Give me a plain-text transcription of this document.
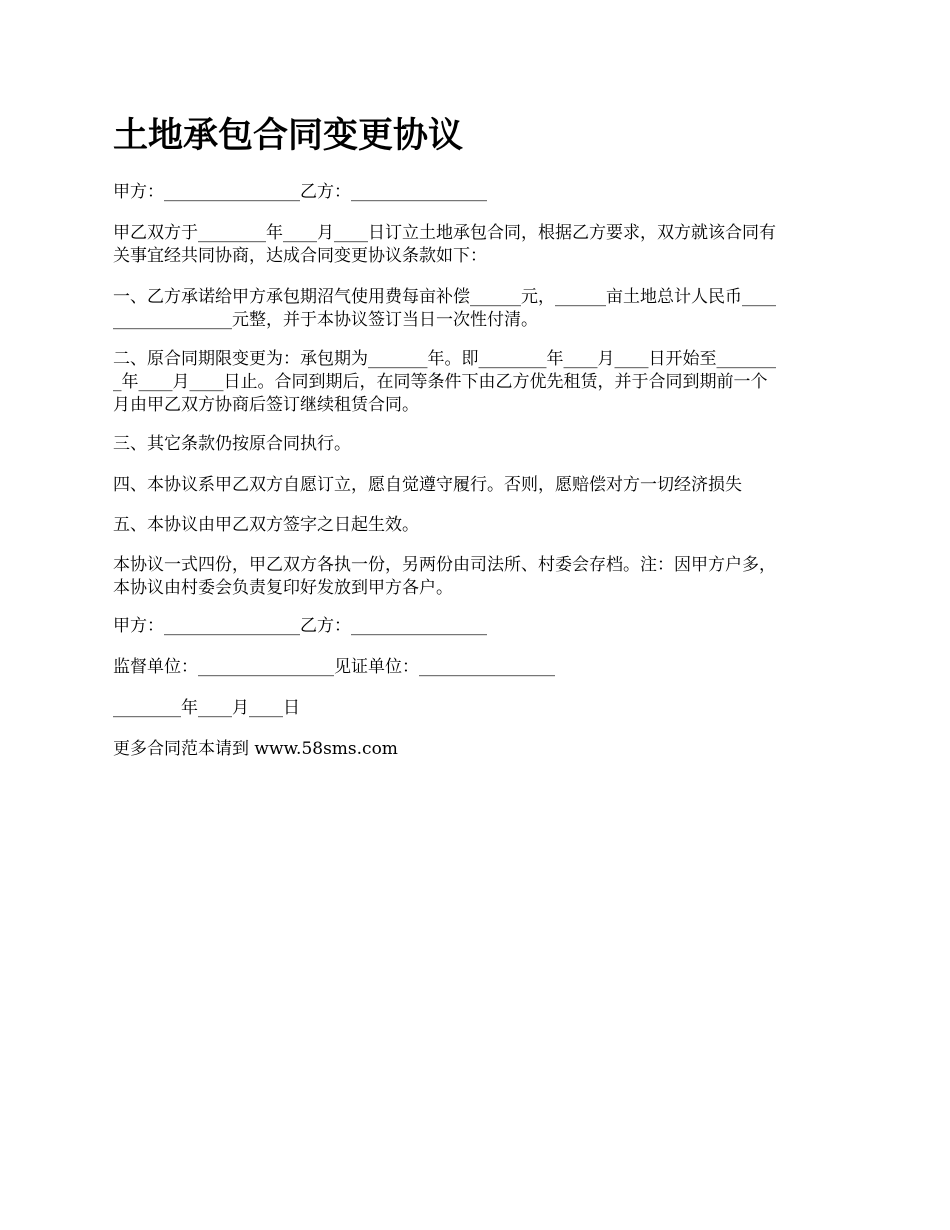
土地承包合同变更协议

甲方：________________乙方：________________

甲乙双方于________年____月____日订立土地承包合同，根据乙方要求，双方就该合同有
关事宜经共同协商，达成合同变更协议条款如下：
一、乙方承诺给甲方承包期沼气使用费每亩补偿______元，______亩土地总计人民币____
______________元整，并于本协议签订当日一次性付清。
二、原合同期限变更为：承包期为_______年。即________年____月____日开始至_______
_年____月____日止。合同到期后，在同等条件下由乙方优先租赁，并于合同到期前一个
月由甲乙双方协商后签订继续租赁合同。

三、其它条款仍按原合同执行。

四、本协议系甲乙双方自愿订立，愿自觉遵守履行。否则，愿赔偿对方一切经济损失

五、本协议由甲乙双方签字之日起生效。

本协议一式四份，甲乙双方各执一份，另两份由司法所、村委会存档。注：因甲方户多，
本协议由村委会负责复印好发放到甲方各户。

甲方：________________乙方：________________

监督单位：________________见证单位：________________

________年____月____日

更多合同范本请到 www.58sms.com
